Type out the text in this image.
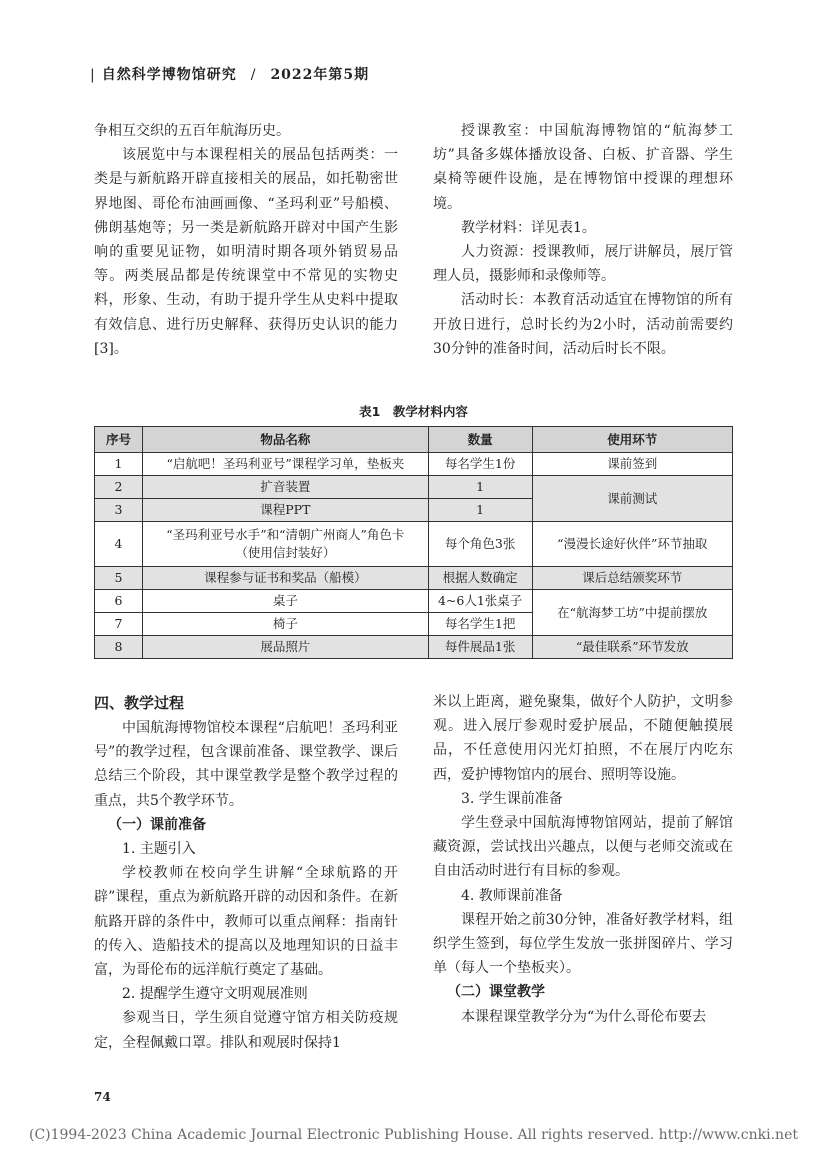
| 自然科学博物馆研究 / 2022年第5期

争相互交织的五百年航海历史。

该展览中与本课程相关的展品包括两类：一类是与新航路开辟直接相关的展品，如托勒密世界地图、哥伦布油画画像、“圣玛利亚”号船模、佛朗基炮等；另一类是新航路开辟对中国产生影响的重要见证物，如明清时期各项外销贸易品等。两类展品都是传统课堂中不常见的实物史料，形象、生动，有助于提升学生从史料中提取有效信息、进行历史解释、获得历史认识的能力[3]。

授课教室：中国航海博物馆的“航海梦工坊”具备多媒体播放设备、白板、扩音器、学生桌椅等硬件设施，是在博物馆中授课的理想环境。

教学材料：详见表1。

人力资源：授课教师，展厅讲解员，展厅管理人员，摄影师和录像师等。

活动时长：本教育活动适宜在博物馆的所有开放日进行，总时长约为2小时，活动前需要约30分钟的准备时间，活动后时长不限。

表1　教学材料内容
序号	物品名称	数量	使用环节
1	“启航吧！圣玛利亚号”课程学习单，垫板夹	每名学生1份	课前签到
2	扩音装置	1	课前测试
3	课程PPT	1	
4	“圣玛利亚号水手”和“清朝广州商人”角色卡（使用信封装好）	每个角色3张	“漫漫长途好伙伴”环节抽取
5	课程参与证书和奖品（船模）	根据人数确定	课后总结颁奖环节
6	桌子	4~6人1张桌子	在“航海梦工坊”中提前摆放
7	椅子	每名学生1把	
8	展品照片	每件展品1张	“最佳联系”环节发放

四、教学过程

中国航海博物馆校本课程“启航吧！圣玛利亚号”的教学过程，包含课前准备、课堂教学、课后总结三个阶段，其中课堂教学是整个教学过程的重点，共5个教学环节。

（一）课前准备

1. 主题引入

学校教师在校向学生讲解“全球航路的开辟”课程，重点为新航路开辟的动因和条件。在新航路开辟的条件中，教师可以重点阐释：指南针的传入、造船技术的提高以及地理知识的日益丰富，为哥伦布的远洋航行奠定了基础。

2. 提醒学生遵守文明观展准则

参观当日，学生须自觉遵守馆方相关防疫规定，全程佩戴口罩。排队和观展时保持1

米以上距离，避免聚集，做好个人防护，文明参观。进入展厅参观时爱护展品，不随便触摸展品，不任意使用闪光灯拍照，不在展厅内吃东西，爱护博物馆内的展台、照明等设施。

3. 学生课前准备

学生登录中国航海博物馆网站，提前了解馆藏资源，尝试找出兴趣点，以便与老师交流或在自由活动时进行有目标的参观。

4. 教师课前准备

课程开始之前30分钟，准备好教学材料，组织学生签到，每位学生发放一张拼图碎片、学习单（每人一个垫板夹）。

（二）课堂教学

本课程课堂教学分为“为什么哥伦布要去

74
(C)1994-2023 China Academic Journal Electronic Publishing House. All rights reserved. http://www.cnki.net
